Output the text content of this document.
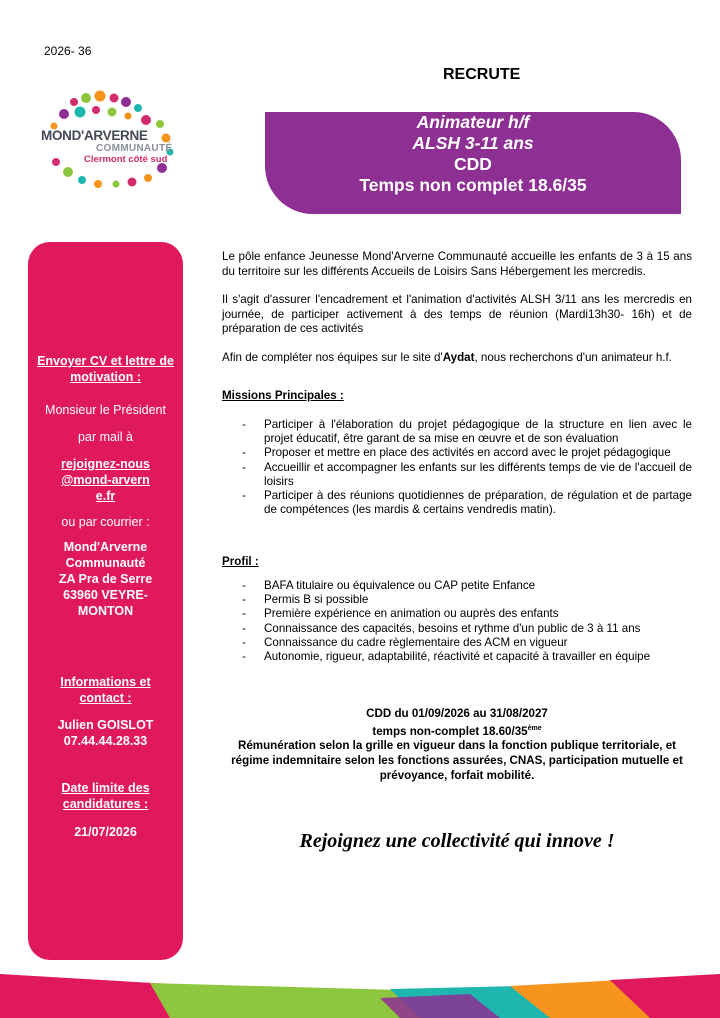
2026- 36
MOND'ARVERNE
COMMUNAUTÉ
Clermont côté sud
RECRUTE
Animateur h/f
ALSH 3-11 ans
CDD
Temps non complet 18.6/35
Envoyer CV et lettre de motivation :
Monsieur le Président
par mail à
rejoignez-nous@mond-arverne.fr
ou par courrier :
Mond'Arverne
Communauté
ZA Pra de Serre
63960 VEYRE-
MONTON
Informations et contact :
Julien GOISLOT
07.44.44.28.33
Date limite des candidatures :
21/07/2026

Le pôle enfance Jeunesse Mond'Arverne Communauté accueille les enfants de 3 à 15 ans du territoire sur les différents Accueils de Loisirs Sans Hébergement les mercredis.

Il s'agit d'assurer l'encadrement et l'animation d'activités ALSH 3/11 ans les mercredis en journée, de participer activement à des temps de réunion (Mardi13h30- 16h) et de préparation de ces activités

Afin de compléter nos équipes sur le site d'Aydat, nous recherchons d'un animateur h.f.

Missions Principales :
- Participer à l'élaboration du projet pédagogique de la structure en lien avec le projet éducatif, être garant de sa mise en œuvre et de son évaluation
- Proposer et mettre en place des activités en accord avec le projet pédagogique
- Accueillir et accompagner les enfants sur les différents temps de vie de l'accueil de loisirs
- Participer à des réunions quotidiennes de préparation, de régulation et de partage de compétences (les mardis & certains vendredis matin).
Profil :
- BAFA titulaire ou équivalence ou CAP petite Enfance
- Permis B si possible
- Première expérience en animation ou auprès des enfants
- Connaissance des capacités, besoins et rythme d'un public de 3 à 11 ans
- Connaissance du cadre règlementaire des ACM en vigueur
- Autonomie, rigueur, adaptabilité, réactivité et capacité à travailler en équipe
CDD du 01/09/2026 au 31/08/2027
temps non-complet 18.60/35ème
Rémunération selon la grille en vigueur dans la fonction publique territoriale, et régime indemnitaire selon les fonctions assurées, CNAS, participation mutuelle et prévoyance, forfait mobilité.
Rejoignez une collectivité qui innove !
